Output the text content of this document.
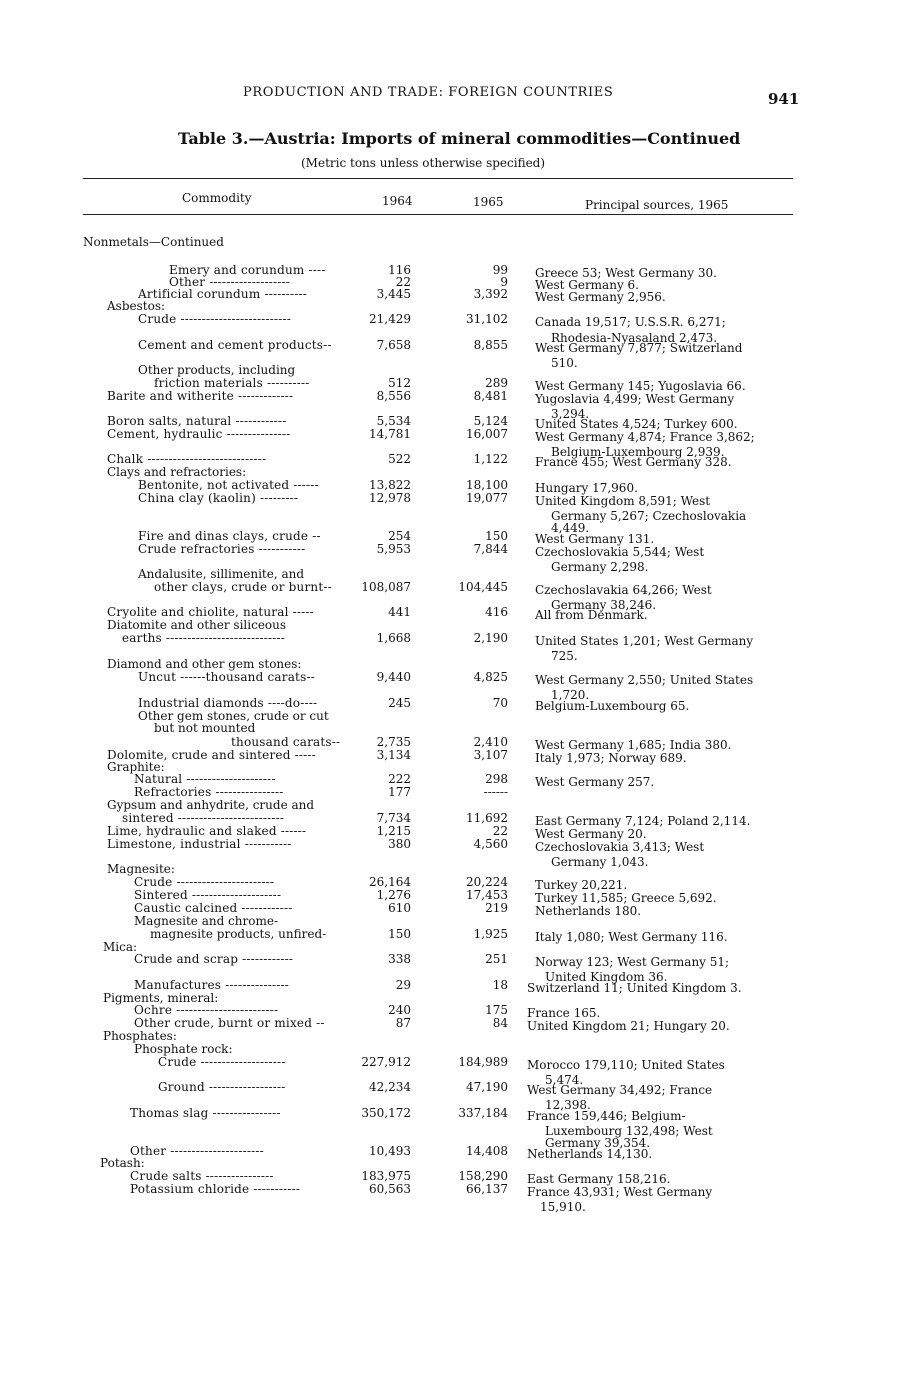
PRODUCTION AND TRADE: FOREIGN COUNTRIES	941
Table 3.—Austria: Imports of mineral commodities—Continued
(Metric tons unless otherwise specified)
Commodity	1964	1965	Principal sources, 1965
Nonmetals—Continued
Emery and corundum ----	116	99 Greece 53; West Germany 30.
Other -------------------	22	9 West Germany 6.
Artificial corundum ----------	3,445	3,392 West Germany 2,956.
Asbestos:
Crude --------------------------	21,429	31,102 Canada 19,517; U.S.S.R. 6,271;
Rhodesia-Nyasaland 2,473.
Cement and cement products--	7,658	8,855 West Germany 7,877; Switzerland
510.
Other products, including
friction materials ----------	512	289 West Germany 145; Yugoslavia 66.
Barite and witherite -------------	8,556	8,481 Yugoslavia 4,499; West Germany
3,294.
Boron salts, natural ------------	5,534	5,124 United States 4,524; Turkey 600.
Cement, hydraulic ---------------	14,781	16,007 West Germany 4,874; France 3,862;
Belgium-Luxembourg 2,939.
Chalk ----------------------------	522	1,122 France 455; West Germany 328.
Clays and refractories:
Bentonite, not activated ------	13,822	18,100 Hungary 17,960.
China clay (kaolin) ---------	12,978	19,077 United Kingdom 8,591; West
Germany 5,267; Czechoslovakia
4,449.
Fire and dinas clays, crude --	254	150 West Germany 131.
Crude refractories -----------	5,953	7,844 Czechoslovakia 5,544; West
Germany 2,298.
Andalusite, sillimenite, and
other clays, crude or burnt-- 108,087	104,445 Czechoslavakia 64,266; West
Germany 38,246.
Cryolite and chiolite, natural -----	441	416 All from Denmark.
Diatomite and other siliceous
earths ----------------------------	1,668	2,190 United States 1,201; West Germany
725.
Diamond and other gem stones:
Uncut ------thousand carats--	9,440	4,825 West Germany 2,550; United States
1,720.
Industrial diamonds ----do----	245	70 Belgium-Luxembourg 65.
Other gem stones, crude or cut
but not mounted
thousand carats--	2,735	2,410 West Germany 1,685; India 380.
Dolomite, crude and sintered -----	3,134	3,107 Italy 1,973; Norway 689.
Graphite:
Natural ---------------------	222	298 West Germany 257.
Refractories ----------------	177	------
Gypsum and anhydrite, crude and
sintered -------------------------	7,734	11,692 East Germany 7,124; Poland 2,114.
Lime, hydraulic and slaked ------	1,215	22 West Germany 20.
Limestone, industrial -----------	380	4,560 Czechoslovakia 3,413; West
Germany 1,043.
Magnesite:
Crude -----------------------	26,164	20,224 Turkey 20,221.
Sintered ---------------------	1,276	17,453 Turkey 11,585; Greece 5,692.
Caustic calcined ------------	610	219 Netherlands 180.
Magnesite and chrome-
magnesite products, unfired-	150	1,925 Italy 1,080; West Germany 116.
Mica:
Crude and scrap ------------	338	251 Norway 123; West Germany 51;
United Kingdom 36.
Manufactures ---------------	29	18 Switzerland 11; United Kingdom 3.
Pigments, mineral:
Ochre ------------------------	240	175 France 165.
Other crude, burnt or mixed --	87	84 United Kingdom 21; Hungary 20.
Phosphates:
Phosphate rock:
Crude --------------------	227,912	184,989 Morocco 179,110; United States
5,474.
Ground ------------------	42,234	47,190 West Germany 34,492; France
12,398.
Thomas slag ----------------	350,172	337,184 France 159,446; Belgium-
Luxembourg 132,498; West
Germany 39,354.
Other ----------------------	10,493	14,408 Netherlands 14,130.
Potash:
Crude salts ----------------	183,975	158,290 East Germany 158,216.
Potassium chloride -----------	60,563	66,137 France 43,931; West Germany
15,910.
